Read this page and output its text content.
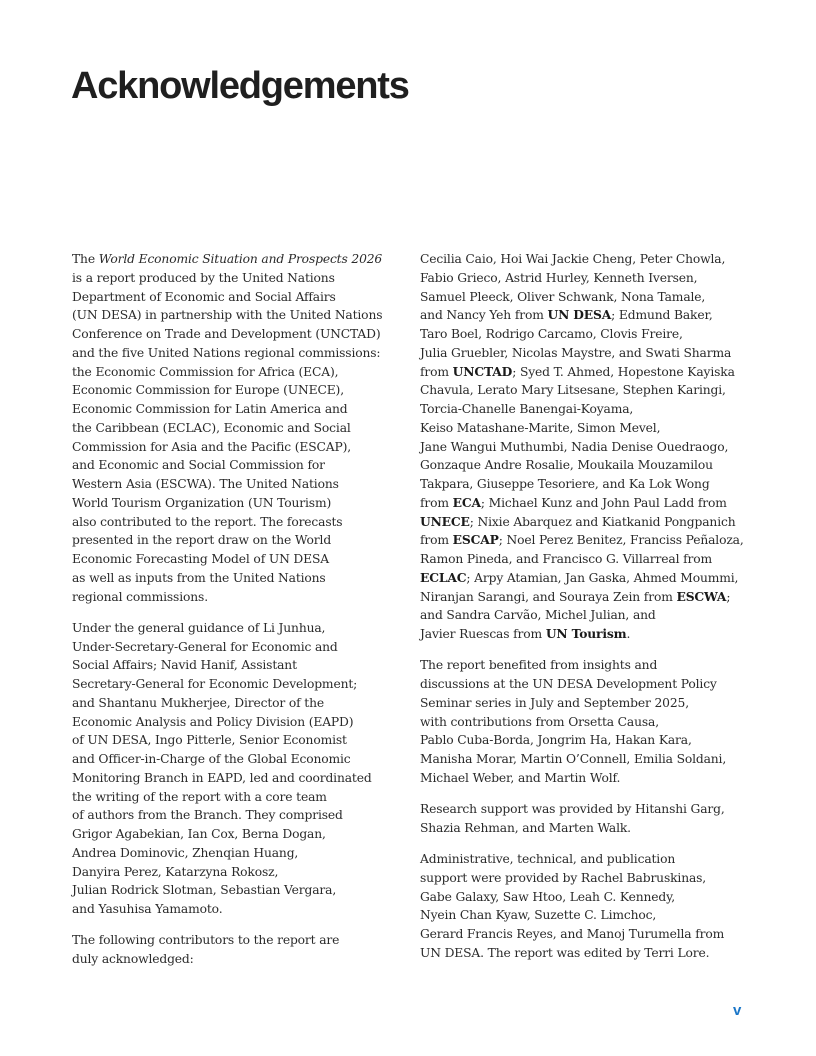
Acknowledgements

The World Economic Situation and Prospects 2026
is a report produced by the United Nations
Department of Economic and Social Affairs
(UN DESA) in partnership with the United Nations
Conference on Trade and Development (UNCTAD)
and the five United Nations regional commissions:
the Economic Commission for Africa (ECA),
Economic Commission for Europe (UNECE),
Economic Commission for Latin America and
the Caribbean (ECLAC), Economic and Social
Commission for Asia and the Pacific (ESCAP),
and Economic and Social Commission for
Western Asia (ESCWA). The United Nations
World Tourism Organization (UN Tourism)
also contributed to the report. The forecasts
presented in the report draw on the World
Economic Forecasting Model of UN DESA
as well as inputs from the United Nations
regional commissions.

Under the general guidance of Li Junhua,
Under-Secretary-General for Economic and
Social Affairs; Navid Hanif, Assistant
Secretary-General for Economic Development;
and Shantanu Mukherjee, Director of the
Economic Analysis and Policy Division (EAPD)
of UN DESA, Ingo Pitterle, Senior Economist
and Officer-in-Charge of the Global Economic
Monitoring Branch in EAPD, led and coordinated
the writing of the report with a core team
of authors from the Branch. They comprised
Grigor Agabekian, Ian Cox, Berna Dogan,
Andrea Dominovic, Zhenqian Huang,
Danyira Perez, Katarzyna Rokosz,
Julian Rodrick Slotman, Sebastian Vergara,
and Yasuhisa Yamamoto.

The following contributors to the report are
duly acknowledged:

Cecilia Caio, Hoi Wai Jackie Cheng, Peter Chowla,
Fabio Grieco, Astrid Hurley, Kenneth Iversen,
Samuel Pleeck, Oliver Schwank, Nona Tamale,
and Nancy Yeh from UN DESA; Edmund Baker,
Taro Boel, Rodrigo Carcamo, Clovis Freire,
Julia Gruebler, Nicolas Maystre, and Swati Sharma
from UNCTAD; Syed T. Ahmed, Hopestone Kayiska
Chavula, Lerato Mary Litsesane, Stephen Karingi,
Torcia-Chanelle Banengai-Koyama,
Keiso Matashane-Marite, Simon Mevel,
Jane Wangui Muthumbi, Nadia Denise Ouedraogo,
Gonzaque Andre Rosalie, Moukaila Mouzamilou
Takpara, Giuseppe Tesoriere, and Ka Lok Wong
from ECA; Michael Kunz and John Paul Ladd from
UNECE; Nixie Abarquez and Kiatkanid Pongpanich
from ESCAP; Noel Perez Benitez, Franciss Peñaloza,
Ramon Pineda, and Francisco G. Villarreal from
ECLAC; Arpy Atamian, Jan Gaska, Ahmed Moummi,
Niranjan Sarangi, and Souraya Zein from ESCWA;
and Sandra Carvão, Michel Julian, and
Javier Ruescas from UN Tourism.

The report benefited from insights and
discussions at the UN DESA Development Policy
Seminar series in July and September 2025,
with contributions from Orsetta Causa,
Pablo Cuba-Borda, Jongrim Ha, Hakan Kara,
Manisha Morar, Martin O’Connell, Emilia Soldani,
Michael Weber, and Martin Wolf.

Research support was provided by Hitanshi Garg,
Shazia Rehman, and Marten Walk.

Administrative, technical, and publication
support were provided by Rachel Babruskinas,
Gabe Galaxy, Saw Htoo, Leah C. Kennedy,
Nyein Chan Kyaw, Suzette C. Limchoc,
Gerard Francis Reyes, and Manoj Turumella from
UN DESA. The report was edited by Terri Lore.

v
